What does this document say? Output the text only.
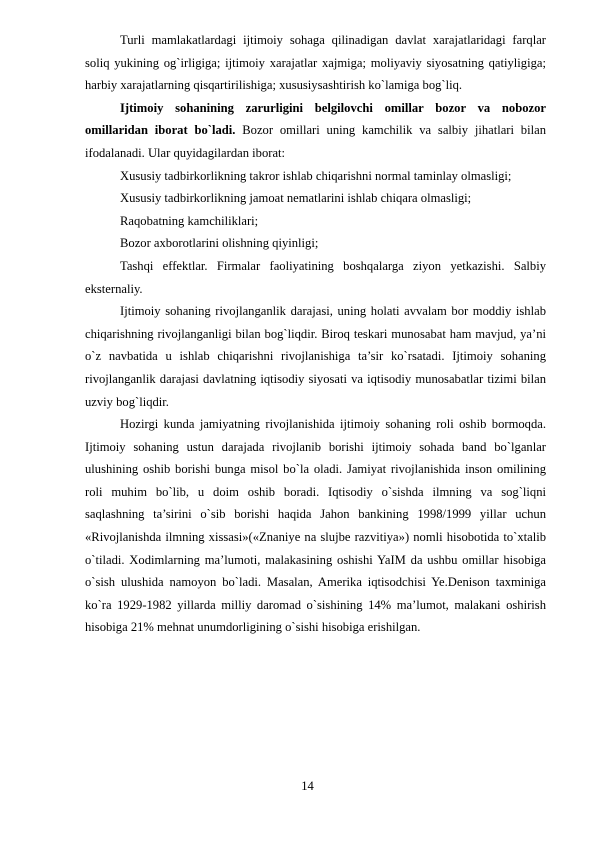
Turli mamlakatlardagi ijtimoiy sohaga qilinadigan davlat xarajatlaridagi farqlar soliq yukining og`irligiga; ijtimoiy xarajatlar xajmiga; moliyaviy siyosatning qatiyligiga; harbiy xarajatlarning qisqartirilishiga; xususiysashtirish ko`lamiga bog`liq.

Ijtimoiy sohanining zarurligini belgilovchi omillar bozor va nobozor omillaridan iborat bo`ladi. Bozor omillari uning kamchilik va salbiy jihatlari bilan ifodalanadi. Ular quyidagilardan iborat:

Xususiy tadbirkorlikning takror ishlab chiqarishni normal taminlay olmasligi;

Xususiy tadbirkorlikning jamoat nematlarini ishlab chiqara olmasligi;

Raqobatning kamchiliklari;

Bozor axborotlarini olishning qiyinligi;

Tashqi effektlar. Firmalar faoliyatining boshqalarga ziyon yetkazishi. Salbiy eksternaliy.

Ijtimoiy sohaning rivojlanganlik darajasi, uning holati avvalam bor moddiy ishlab chiqarishning rivojlanganligi bilan bog`liqdir. Biroq teskari munosabat ham mavjud, ya’ni o`z navbatida u ishlab chiqarishni rivojlanishiga ta’sir ko`rsatadi. Ijtimoiy sohaning rivojlanganlik darajasi davlatning iqtisodiy siyosati va iqtisodiy munosabatlar tizimi bilan uzviy bog`liqdir.

Hozirgi kunda jamiyatning rivojlanishida ijtimoiy sohaning roli oshib bormoqda. Ijtimoiy sohaning ustun darajada rivojlanib borishi ijtimoiy sohada band bo`lganlar ulushining oshib borishi bunga misol bo`la oladi. Jamiyat rivojlanishida inson omilining roli muhim bo`lib, u doim oshib boradi. Iqtisodiy o`sishda ilmning va sog`liqni saqlashning ta’sirini o`sib borishi haqida Jahon bankining 1998/1999 yillar uchun «Rivojlanishda ilmning xissasi»(«Znaniye na slujbe razvitiya») nomli hisobotida to`xtalib o`tiladi. Xodimlarning ma’lumoti, malakasining oshishi YaIM da ushbu omillar hisobiga o`sish ulushida namoyon bo`ladi. Masalan, Amerika iqtisodchisi Ye.Denison taxminiga ko`ra 1929-1982 yillarda milliy daromad o`sishining 14% ma’lumot, malakani oshirish hisobiga 21% mehnat unumdorligining o`sishi hisobiga erishilgan.

14
